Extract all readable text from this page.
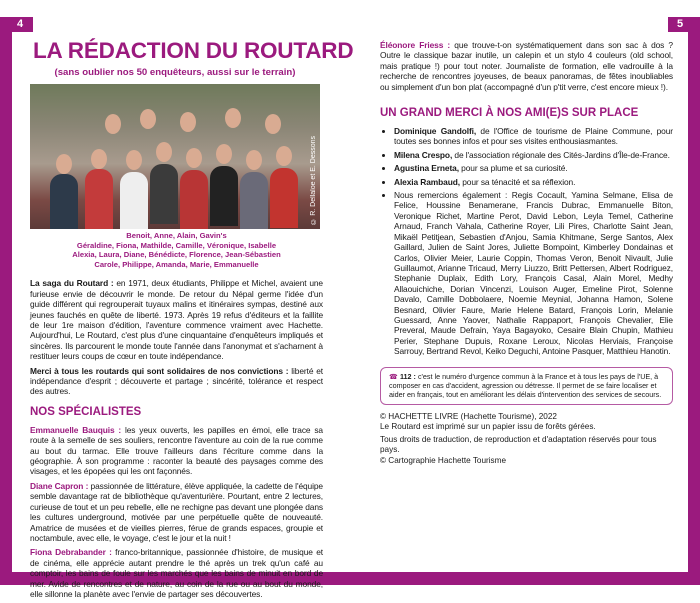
4	5
LA RÉDACTION DU ROUTARD
(sans oublier nos 50 enquêteurs, aussi sur le terrain)
© R. Dellaloe et E. Dessons
Benoit, Anne, Alain, Gavin's
Géraldine, Fiona, Mathilde, Camille, Véronique, Isabelle
Alexia, Laura, Diane, Bénédicte, Florence, Jean-Sébastien
Carole, Philippe, Amanda, Marie, Emmanuelle

La saga du Routard : en 1971, deux étudiants, Philippe et Michel, avaient une furieuse envie de découvrir le monde. De retour du Népal germe l'idée d'un guide différent qui regrouperait tuyaux malins et itinéraires sympas, destiné aux jeunes fauchés en quête de liberté. 1973. Après 19 refus d'éditeurs et la faillite de leur 1re maison d'édition, l'aventure commence vraiment avec Hachette. Aujourd'hui, Le Routard, c'est plus d'une cinquantaine d'enquêteurs impliqués et sincères. Ils parcourent le monde toute l'année dans l'anonymat et s'acharnent à restituer leurs coups de cœur en toute indépendance.

Merci à tous les routards qui sont solidaires de nos convictions : liberté et indépendance d'esprit ; découverte et partage ; sincérité, tolérance et respect des autres.

NOS SPÉCIALISTES

Emmanuelle Bauquis : les yeux ouverts, les papilles en émoi, elle trace sa route à la semelle de ses souliers, rencontre l'aventure au coin de la rue comme au bout du tarmac. Elle trouve l'ailleurs dans l'écriture comme dans la géographie. À son programme : raconter la beauté des paysages comme des visages, et les épopées qui les ont façonnés.

Diane Capron : passionnée de littérature, élève appliquée, la cadette de l'équipe semble davantage rat de bibliothèque qu'aventurière. Pourtant, entre 2 lectures, curieuse de tout et un peu rebelle, elle ne rechigne pas devant une plongée dans les cultures underground, motivée par une perpétuelle quête de nouveauté. Amatrice de musées et de vieilles pierres, férue de grands espaces, groupie et noctambule, avec elle, le voyage, c'est le jour et la nuit !

Fiona Debrabander : franco-britannique, passionnée d'histoire, de musique et de cinéma, elle apprécie autant prendre le thé après un trek qu'un café au comptoir, les bains de foule sur les marchés que les bains de minuit en bord de mer. Avide de rencontres et de nature, au coin de la rue ou au bout du monde, elle sillonne la planète avec l'envie de partager ses découvertes.

Éléonore Friess : que trouve-t-on systématiquement dans son sac à dos ? Outre le classique bazar inutile, un calepin et un stylo 4 couleurs (old school, mais pratique !) pour tout noter. Journaliste de formation, elle vadrouille à la recherche de rencontres joyeuses, de beaux panoramas, de fêtes inoubliables ou simplement d'un bon plat (accompagné d'un p'tit verre, c'est encore mieux !).

UN GRAND MERCI À NOS AMI(E)S SUR PLACE
• Dominique Gandolfi, de l'Office de tourisme de Plaine Commune, pour toutes ses bonnes infos et pour ses visites enthousiasmantes.
• Milena Crespo, de l'association régionale des Cités-Jardins d'Île-de-France.
• Agustina Erneta, pour sa plume et sa curiosité.
• Alexia Rambaud, pour sa ténacité et sa réflexion.
• Nous remercions également : Regis Cocault, Yamina Selmane, Elisa de Felice, Houssine Benamerane, Francis Dubrac, Emmanuelle Biton, Veronique Richet, Martine Perot, David Lebon, Leyla Temel, Catherine Arnaud, Franch Vahala, Catherine Royer, Lili Pires, Charlotte Saint Jean, Mikaël Petitjean, Sebastien d'Anjou, Samia Khitmane, Serge Santos, Alex Gaillard, Julien de Saint Jores, Juliette Bompoint, Kimberley Dondainas et Carlos, Olivier Meier, Laurie Coppin, Thomas Veron, Benoit Nivault, Julie Guillaumot, Arianne Tricaud, Merry Liuzzo, Britt Pettersen, Albert Rodriguez, Stephanie Duplaix, Edith Lory, François Casal, Alain Morel, Medhy Allaouichiche, Dorian Vincenzi, Louison Auger, Emeline Pirot, Solenne Davalo, Camille Dobbolaere, Noemie Meynial, Johanna Hamon, Solene Besnard, Olivier Faure, Marie Helene Batard, François Lorin, Melanie Guessard, Anne Yaover, Nathalie Rappaport, François Chevalier, Elie Preveral, Maude Defrain, Yaya Bagayoko, Cesaire Blain Chupin, Mathieu Perier, Stephane Dupuis, Roxane Leroux, Nicolas Herviais, Françoise Sarrouy, Bertrand Revol, Keiko Deguchi, Antoine Pasquer, Matthieu Hanotin.
☎ 112 : c'est le numéro d'urgence commun à la France et à tous les pays de l'UE, à composer en cas d'accident, agression ou détresse. Il permet de se faire localiser et aider en français, tout en améliorant les délais d'intervention des services de secours.

© HACHETTE LIVRE (Hachette Tourisme), 2022

Le Routard est imprimé sur un papier issu de forêts gérées.

Tous droits de traduction, de reproduction et d'adaptation réservés pour tous pays.

© Cartographie Hachette Tourisme
